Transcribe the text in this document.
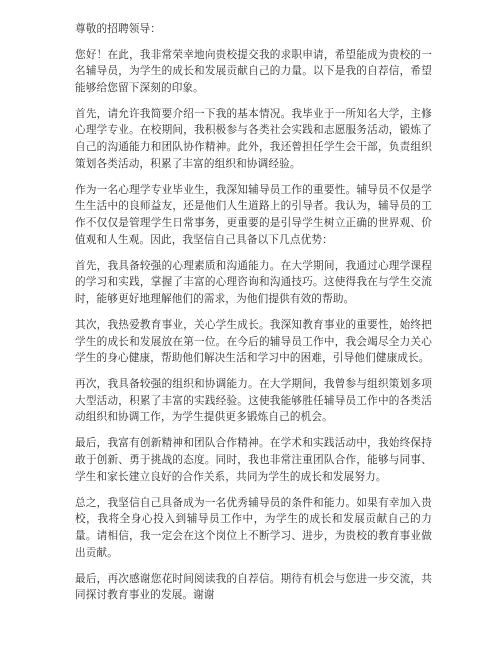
尊敬的招聘领导：

您好！在此，我非常荣幸地向贵校提交我的求职申请，希望能成为贵校的一名辅导员，为学生的成长和发展贡献自己的力量。以下是我的自荐信，希望能够给您留下深刻的印象。

首先，请允许我简要介绍一下我的基本情况。我毕业于一所知名大学，主修心理学专业。在校期间，我积极参与各类社会实践和志愿服务活动，锻炼了自己的沟通能力和团队协作精神。此外，我还曾担任学生会干部，负责组织策划各类活动，积累了丰富的组织和协调经验。

作为一名心理学专业毕业生，我深知辅导员工作的重要性。辅导员不仅是学生生活中的良师益友，还是他们人生道路上的引导者。我认为，辅导员的工作不仅仅是管理学生日常事务，更重要的是引导学生树立正确的世界观、价值观和人生观。因此，我坚信自己具备以下几点优势：

首先，我具备较强的心理素质和沟通能力。在大学期间，我通过心理学课程的学习和实践，掌握了丰富的心理咨询和沟通技巧。这使得我在与学生交流时，能够更好地理解他们的需求，为他们提供有效的帮助。

其次，我热爱教育事业，关心学生成长。我深知教育事业的重要性，始终把学生的成长和发展放在第一位。在今后的辅导员工作中，我会竭尽全力关心学生的身心健康，帮助他们解决生活和学习中的困难，引导他们健康成长。

再次，我具备较强的组织和协调能力。在大学期间，我曾参与组织策划多项大型活动，积累了丰富的实践经验。这使我能够胜任辅导员工作中的各类活动组织和协调工作，为学生提供更多锻炼自己的机会。

最后，我富有创新精神和团队合作精神。在学术和实践活动中，我始终保持敢于创新、勇于挑战的态度。同时，我也非常注重团队合作，能够与同事、学生和家长建立良好的合作关系，共同为学生的成长和发展努力。

总之，我坚信自己具备成为一名优秀辅导员的条件和能力。如果有幸加入贵校，我将全身心投入到辅导员工作中，为学生的成长和发展贡献自己的力量。请相信，我一定会在这个岗位上不断学习、进步，为贵校的教育事业做出贡献。

最后，再次感谢您花时间阅读我的自荐信。期待有机会与您进一步交流，共同探讨教育事业的发展。谢谢
